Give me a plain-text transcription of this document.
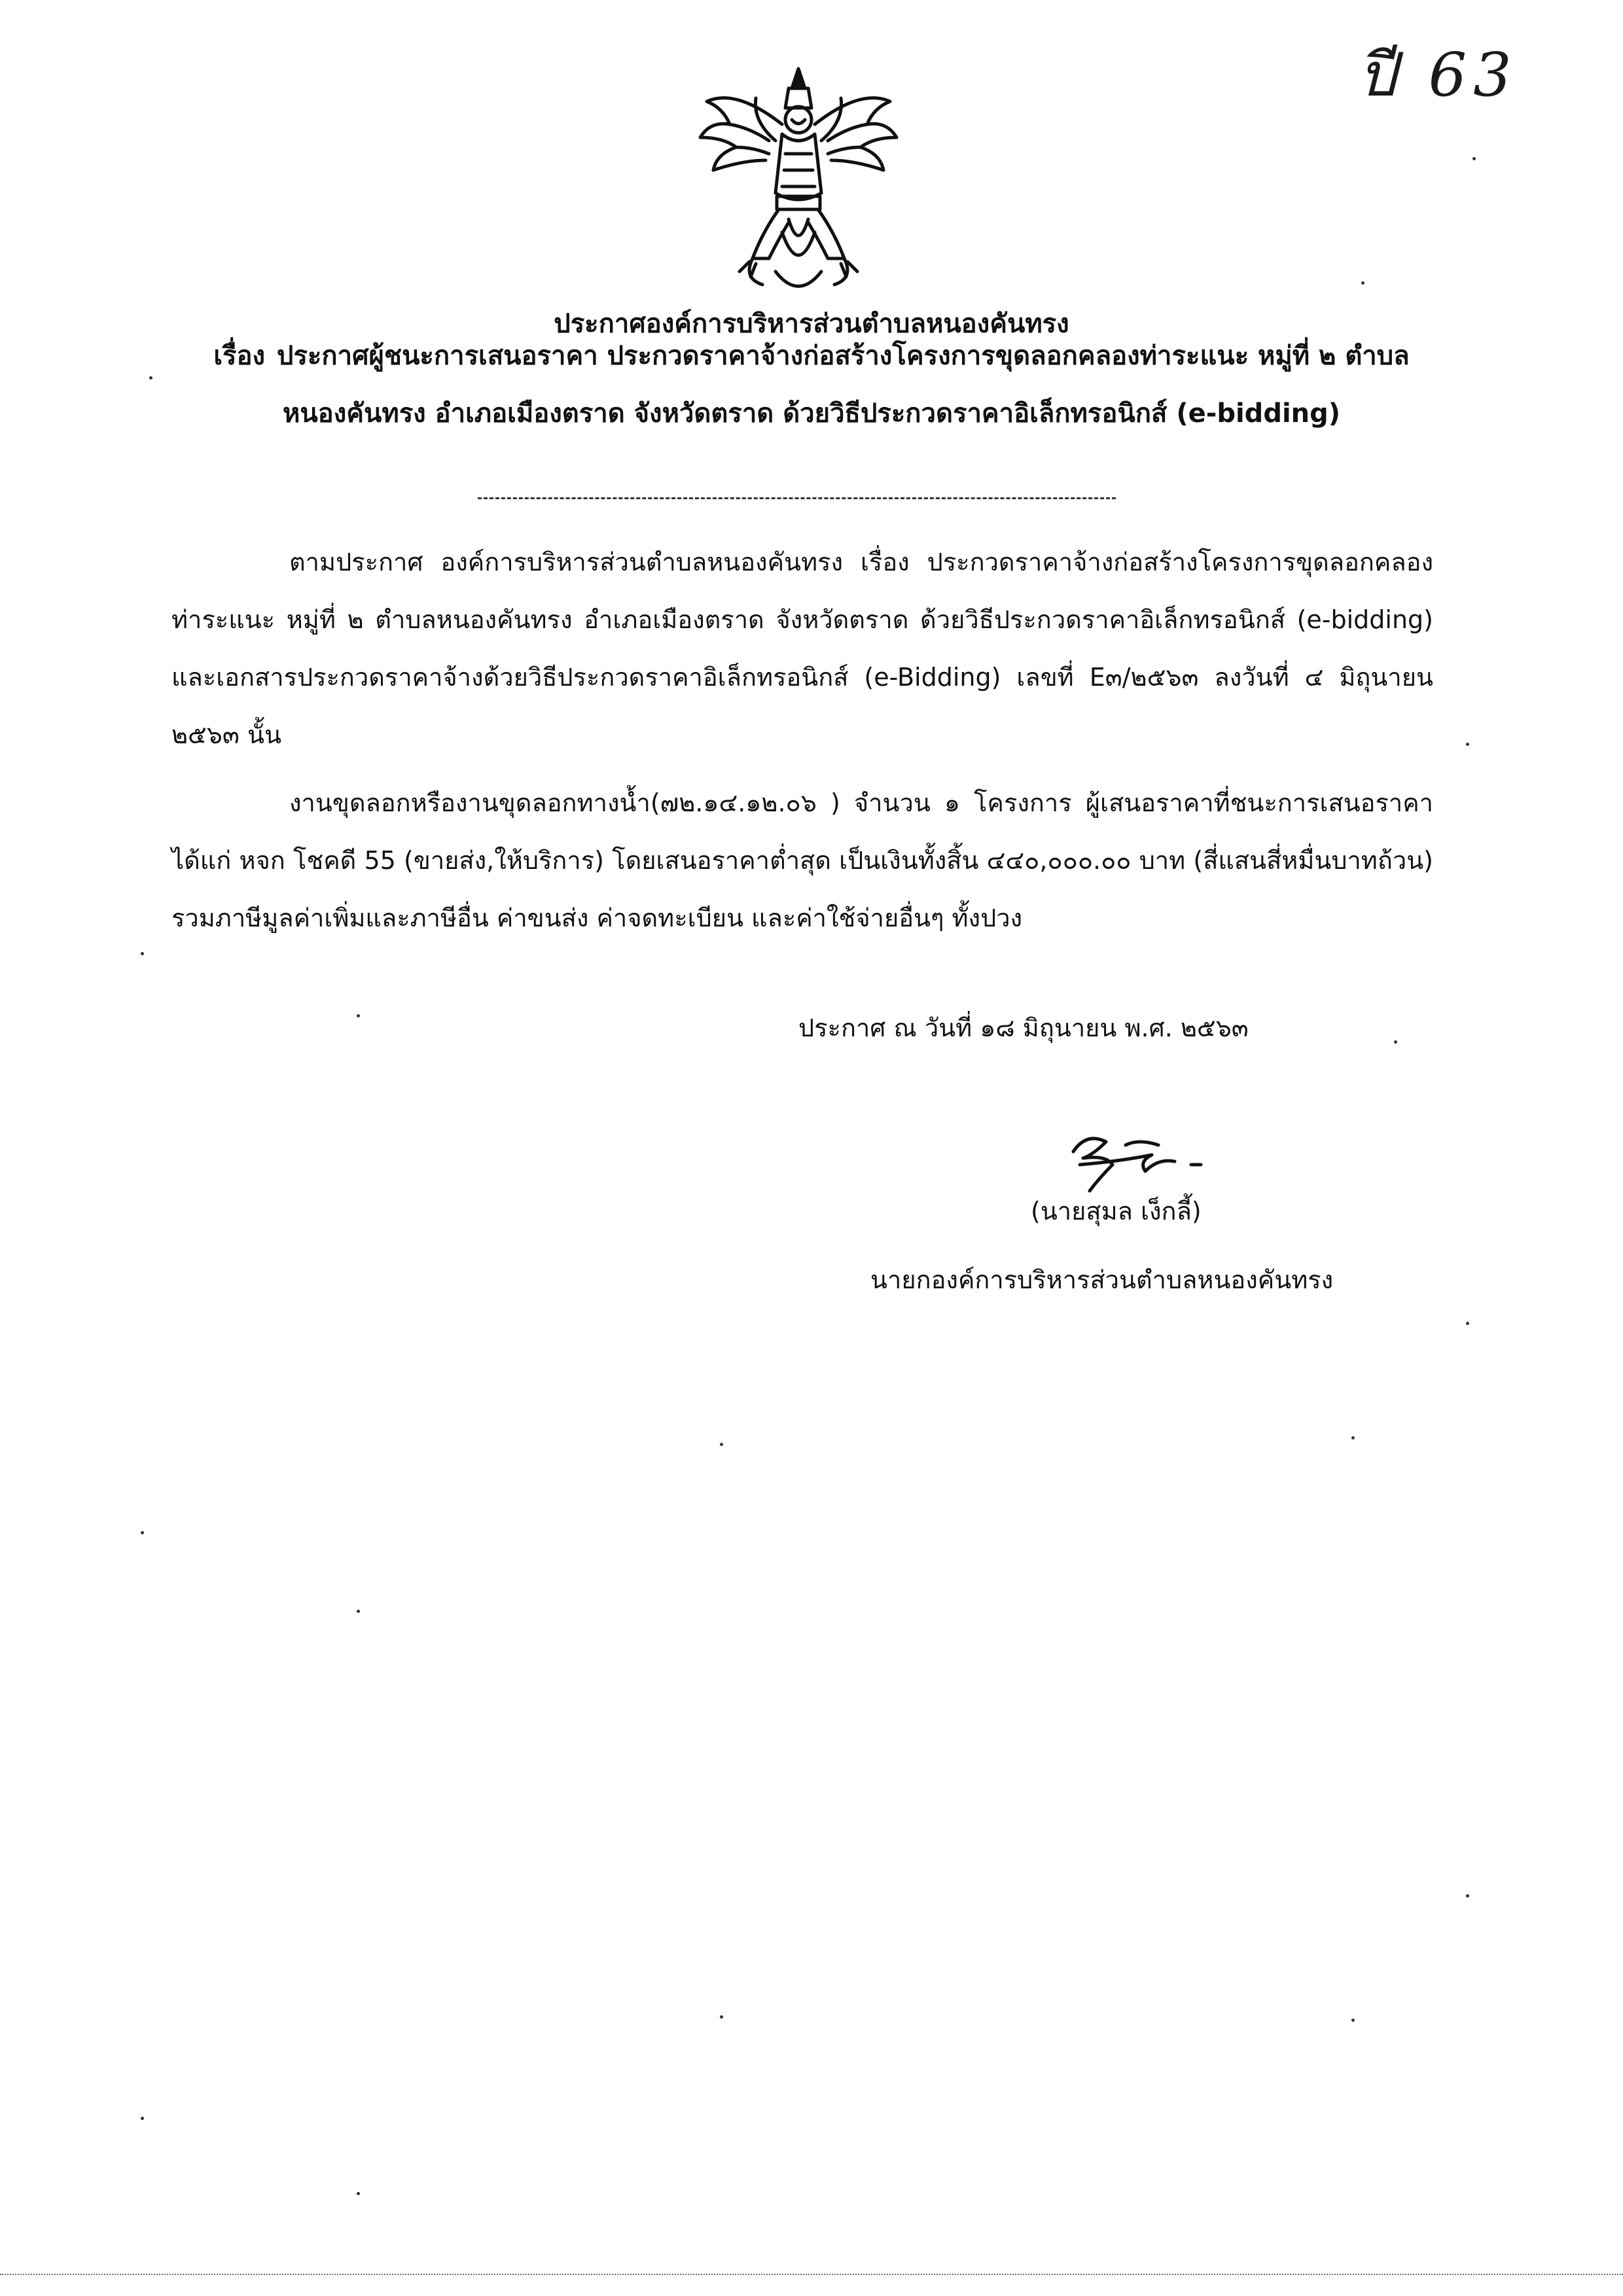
ปี 63
ประกาศองค์การบริหารส่วนตำบลหนองคันทรง
เรื่อง ประกาศผู้ชนะการเสนอราคา ประกวดราคาจ้างก่อสร้างโครงการขุดลอกคลองท่าระแนะ หมู่ที่ ๒ ตำบล
หนองคันทรง อำเภอเมืองตราด จังหวัดตราด ด้วยวิธีประกวดราคาอิเล็กทรอนิกส์ (e-bidding)
ตามประกาศ องค์การบริหารส่วนตำบลหนองคันทรง เรื่อง ประกวดราคาจ้างก่อสร้างโครงการขุดลอกคลองท่าระแนะ หมู่ที่ ๒ ตำบลหนองคันทรง อำเภอเมืองตราด จังหวัดตราด ด้วยวิธีประกวดราคาอิเล็กทรอนิกส์ (e-bidding) และเอกสารประกวดราคาจ้างด้วยวิธีประกวดราคาอิเล็กทรอนิกส์ (e-Bidding) เลขที่ E๓/๒๕๖๓ ลงวันที่ ๔ มิถุนายน ๒๕๖๓ นั้น
งานขุดลอกหรืองานขุดลอกทางน้ำ(๗๒.๑๔.๑๒.๐๖ ) จำนวน ๑ โครงการ ผู้เสนอราคาที่ชนะการเสนอราคา ได้แก่ หจก โชคดี 55 (ขายส่ง,ให้บริการ) โดยเสนอราคาต่ำสุด เป็นเงินทั้งสิ้น ๔๔๐,๐๐๐.๐๐ บาท (สี่แสนสี่หมื่นบาทถ้วน) รวมภาษีมูลค่าเพิ่มและภาษีอื่น ค่าขนส่ง ค่าจดทะเบียน และค่าใช้จ่ายอื่นๆ ทั้งปวง
ประกาศ ณ วันที่ ๑๘ มิถุนายน พ.ศ. ๒๕๖๓
(นายสุมล เง็กลี้)
นายกองค์การบริหารส่วนตำบลหนองคันทรง
